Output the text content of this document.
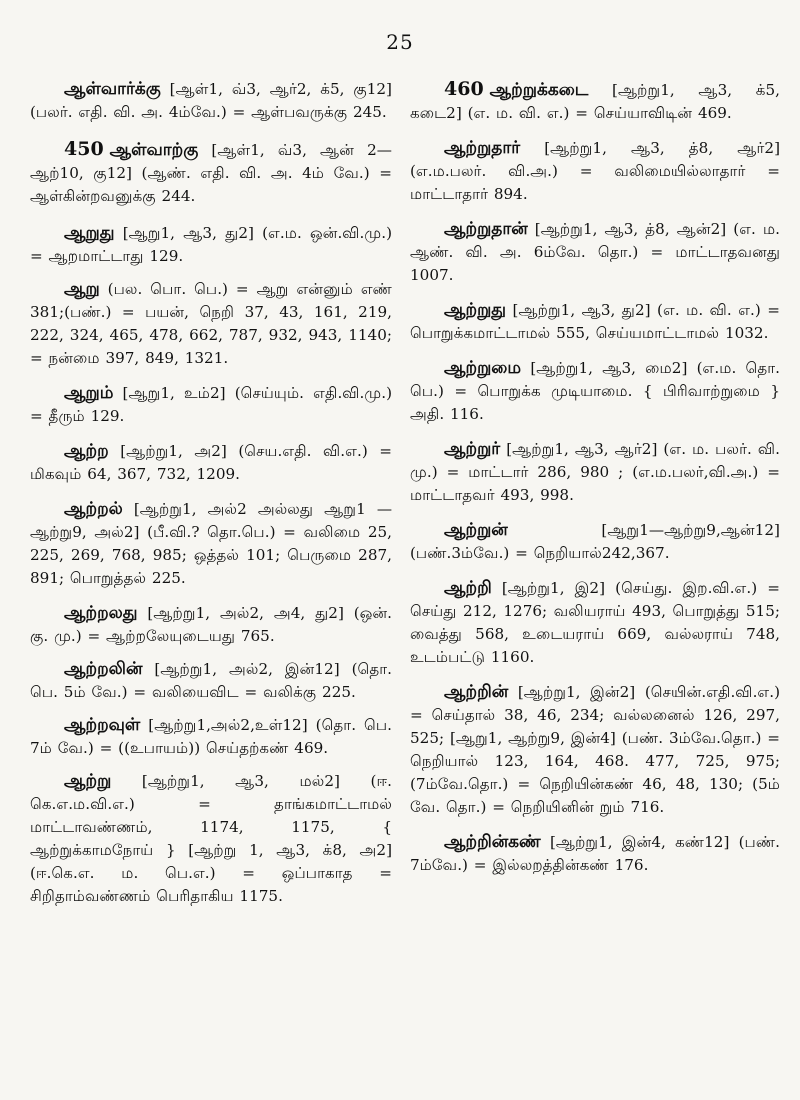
25

ஆள்வார்க்கு [ஆள்1, வ்3, ஆர்2, க்5, கு12] (பலர். எதி. வி. அ. 4ம்வே.) = ஆள்பவருக்கு 245.

450 ஆள்வாற்கு [ஆள்1, வ்3, ஆன் 2—ஆற்10, கு12] (ஆண். எதி. வி. அ. 4ம் வே.) = ஆள்கின்றவனுக்கு 244.

ஆறுது [ஆறு1, ஆ3, து2] (எ.ம. ஒன்.வி.மு.) = ஆறமாட்டாது 129.

ஆறு (பல. பொ. பெ.) = ஆறு என்னும் எண் 381;(பண்.) = பயன், நெறி 37, 43, 161, 219, 222, 324, 465, 478, 662, 787, 932, 943, 1140; = நன்மை 397, 849, 1321.

ஆறும் [ஆறு1, உம்2] (செய்யும். எதி.வி.மு.) = தீரும் 129.

ஆற்ற [ஆற்று1, அ2] (செய.எதி. வி.எ.) = மிகவும் 64, 367, 732, 1209.

ஆற்றல் [ஆற்று1, அல்2 அல்லது ஆறு1 — ஆற்று9, அல்2] (பீ.வி.? தொ.பெ.) = வலிமை 25, 225, 269, 768, 985; ஒத்தல் 101; பெருமை 287, 891; பொறுத்தல் 225.

ஆற்றலது [ஆற்று1, அல்2, அ4, து2] (ஒன். கு. மு.) = ஆற்றலேயுடையது 765.

ஆற்றலின் [ஆற்று1, அல்2, இன்12] (தொ. பெ. 5ம் வே.) = வலியைவிட = வலிக்கு 225.

ஆற்றவுள் [ஆற்று1,அல்2,உள்12] (தொ. பெ. 7ம் வே.) = ((உபாயம்)) செய்தற்கண் 469.

ஆற்று [ஆற்று1, ஆ3, மல்2] (ஈ. கெ.எ.ம.வி.எ.) = தாங்கமாட்டாமல் மாட்டாவண்ணம், 1174, 1175, { ஆற்றுக்காமநோய் } [ஆற்று 1, ஆ3, க்8, அ2] (ஈ.கெ.எ. ம. பெ.எ.) = ஒப்பாகாத = சிறிதாம்வண்ணம் பெரிதாகிய 1175.

460 ஆற்றுக்கடை [ஆற்று1, ஆ3, க்5, கடை2] (எ. ம. வி. எ.) = செய்யாவிடின் 469.

ஆற்றுதார் [ஆற்று1, ஆ3, த்8, ஆர்2] (எ.ம.பலர். வி.அ.) = வலிமையில்லாதார் = மாட்டாதார் 894.

ஆற்றுதான் [ஆற்று1, ஆ3, த்8, ஆன்2] (எ. ம. ஆண். வி. அ. 6ம்வே. தொ.) = மாட்டாதவனது 1007.

ஆற்றுது [ஆற்று1, ஆ3, து2] (எ. ம. வி. எ.) = பொறுக்கமாட்டாமல் 555, செய்யமாட்டாமல் 1032.

ஆற்றுமை [ஆற்று1, ஆ3, மை2] (எ.ம. தொ. பெ.) = பொறுக்க முடியாமை. { பிரிவாற்றுமை } அதி. 116.

ஆற்றுர் [ஆற்று1, ஆ3, ஆர்2] (எ. ம. பலர். வி. மு.) = மாட்டார் 286, 980 ; (எ.ம.பலர்,வி.அ.) = மாட்டாதவர் 493, 998.

ஆற்றுன்	[ஆறு1—ஆற்று9,ஆன்12] (பண்.3ம்வே.) = நெறியால்242,367.

ஆற்றி [ஆற்று1, இ2] (செய்து. இற.வி.எ.) = செய்து 212, 1276; வலியராய் 493, பொறுத்து 515; வைத்து 568, உடையராய் 669, வல்லராய் 748, உடம்பட்டு 1160.

ஆற்றின் [ஆற்று1, இன்2] (செயின்.எதி.வி.எ.) = செய்தால் 38, 46, 234; வல்லனைல் 126, 297, 525; [ஆறு1, ஆற்று9, இன்4] (பண். 3ம்வே.தொ.) = நெறியால் 123, 164, 468. 477, 725, 975; (7ம்வே.தொ.) = நெறியின்கண் 46, 48, 130; (5ம் வே. தொ.) = நெறியினின் றும் 716.

ஆற்றின்கண் [ஆற்று1, இன்4, கண்12] (பண். 7ம்வே.) = இல்லறத்தின்கண் 176.
